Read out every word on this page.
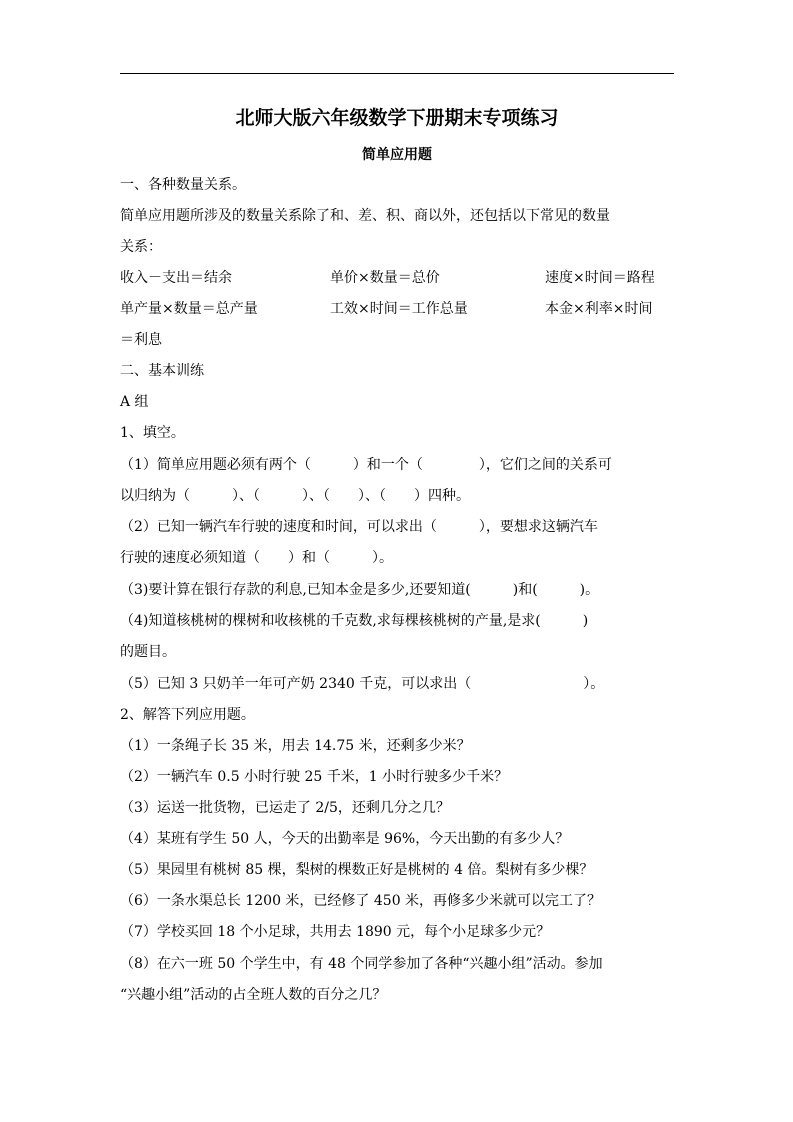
北师大版六年级数学下册期末专项练习
简单应用题
一、各种数量关系。
简单应用题所涉及的数量关系除了和、差、积、商以外，还包括以下常见的数量
关系：
收入－支出＝结余	单价×数量＝总价	速度×时间＝路程
单产量×数量＝总产量	工效×时间＝工作总量	本金×利率×时间
＝利息
二、基本训练
A 组
1、填空。
（1）简单应用题必须有两个（　　　）和一个（　　　　），它们之间的关系可
以归纳为（　　　）、（　　　）、（　　）、（　　）四种。
（2）已知一辆汽车行驶的速度和时间，可以求出（　　　），要想求这辆汽车
行驶的速度必须知道（　　）和（　　　）。
（3)要计算在银行存款的利息,已知本金是多少,还要知道(　　　)和(　　　)。
（4)知道核桃树的棵树和收核桃的千克数,求每棵核桃树的产量,是求(　　　)
的题目。
（5）已知 3 只奶羊一年可产奶 2340 千克，可以求出（　　　　　　　　）。
2、解答下列应用题。
（1）一条绳子长 35 米，用去 14.75 米，还剩多少米？
（2）一辆汽车 0.5 小时行驶 25 千米，1 小时行驶多少千米？
（3）运送一批货物，已运走了 2/5，还剩几分之几？
（4）某班有学生 50 人，今天的出勤率是 96%，今天出勤的有多少人？
（5）果园里有桃树 85 棵，梨树的棵数正好是桃树的 4 倍。梨树有多少棵？
（6）一条水渠总长 1200 米，已经修了 450 米，再修多少米就可以完工了？
（7）学校买回 18 个小足球，共用去 1890 元，每个小足球多少元？
（8）在六一班 50 个学生中，有 48 个同学参加了各种“兴趣小组”活动。参加
“兴趣小组”活动的占全班人数的百分之几？
